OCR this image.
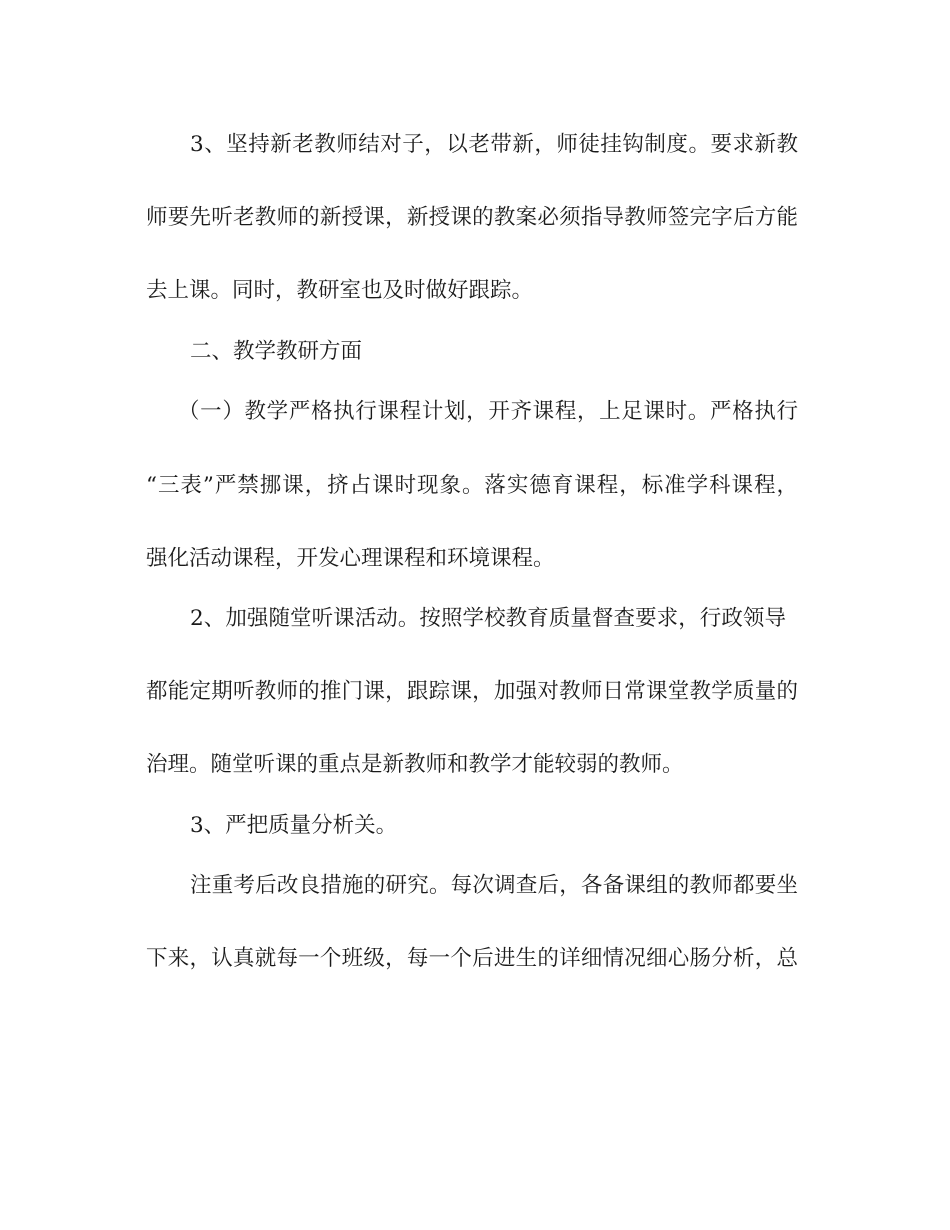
3、坚持新老教师结对子，以老带新，师徒挂钩制度。要求新教
师要先听老教师的新授课，新授课的教案必须指导教师签完字后方能
去上课。同时，教研室也及时做好跟踪。
二、教学教研方面
（一）教学严格执行课程计划，开齐课程，上足课时。严格执行
“三表”严禁挪课，挤占课时现象。落实德育课程，标准学科课程，
强化活动课程，开发心理课程和环境课程。
2、加强随堂听课活动。按照学校教育质量督查要求，行政领导
都能定期听教师的推门课，跟踪课，加强对教师日常课堂教学质量的
治理。随堂听课的重点是新教师和教学才能较弱的教师。
3、严把质量分析关。
注重考后改良措施的研究。每次调查后，各备课组的教师都要坐
下来，认真就每一个班级，每一个后进生的详细情况细心肠分析，总
